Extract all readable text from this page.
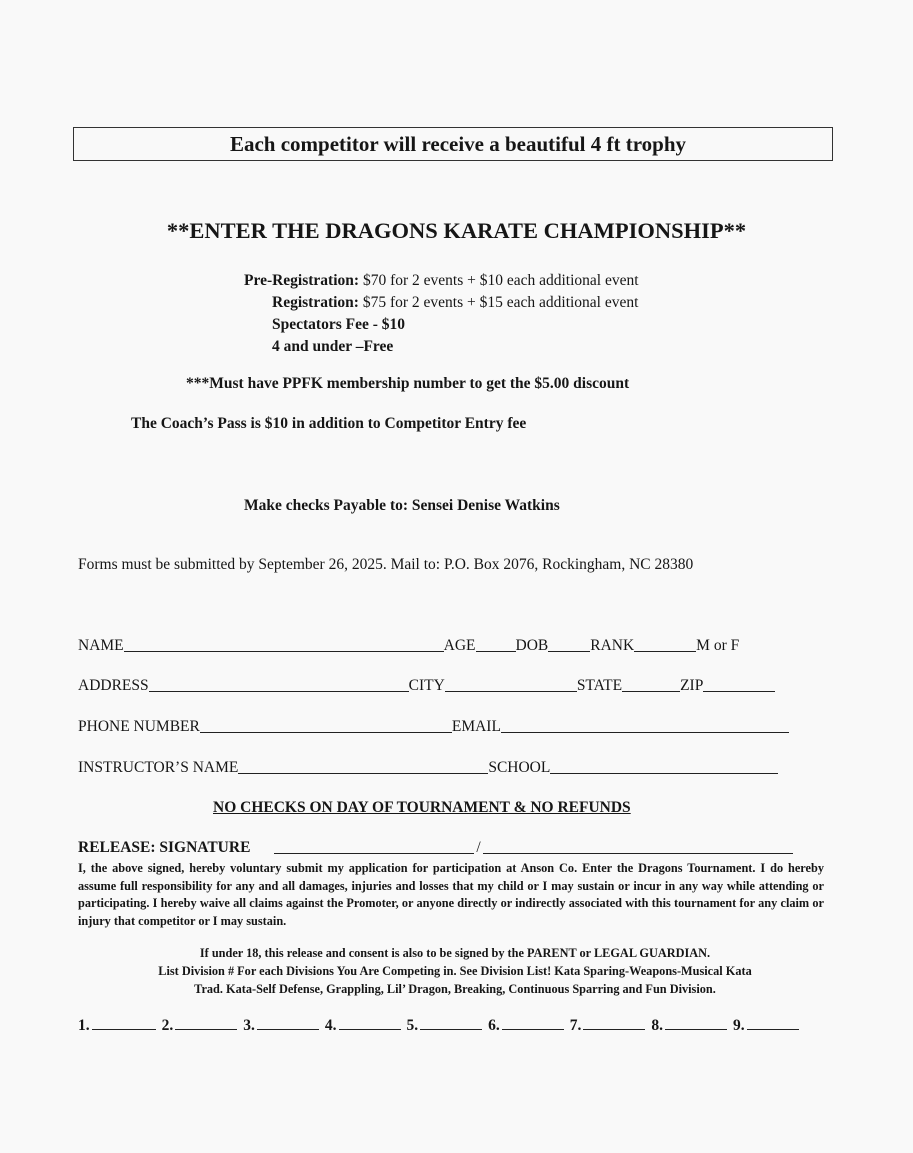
Each competitor will receive a beautiful 4 ft trophy
**ENTER THE DRAGONS KARATE CHAMPIONSHIP**
Pre-Registration: $70 for 2 events + $10 each additional event
Registration: $75 for 2 events + $15 each additional event
Spectators Fee - $10
4 and under –Free
***Must have PPFK membership number to get the $5.00 discount
The Coach’s Pass is $10 in addition to Competitor Entry fee
Make checks Payable to: Sensei Denise Watkins
Forms must be submitted by September 26, 2025. Mail to: P.O. Box 2076, Rockingham, NC 28380
NAME	AGE	DOB	RANK	M or F
ADDRESS	CITY	STATE	ZIP
PHONE NUMBER	EMAIL
INSTRUCTOR’S NAME	SCHOOL
NO CHECKS ON DAY OF TOURNAMENT & NO REFUNDS
RELEASE: SIGNATURE	/
I, the above signed, hereby voluntary submit my application for participation at Anson Co. Enter the Dragons Tournament. I do hereby assume full responsibility for any and all damages, injuries and losses that my child or I may sustain or incur in any way while attending or participating. I hereby waive all claims against the Promoter, or anyone directly or indirectly associated with this tournament for any claim or injury that competitor or I may sustain.
If under 18, this release and consent is also to be signed by the PARENT or LEGAL GUARDIAN.
List Division # For each Divisions You Are Competing in. See Division List! Kata Sparing-Weapons-Musical Kata
Trad. Kata-Self Defense, Grappling, Lil’ Dragon, Breaking, Continuous Sparring and Fun Division.
1.	2.	3.	4.	5.	6.	7.	8.	9.
